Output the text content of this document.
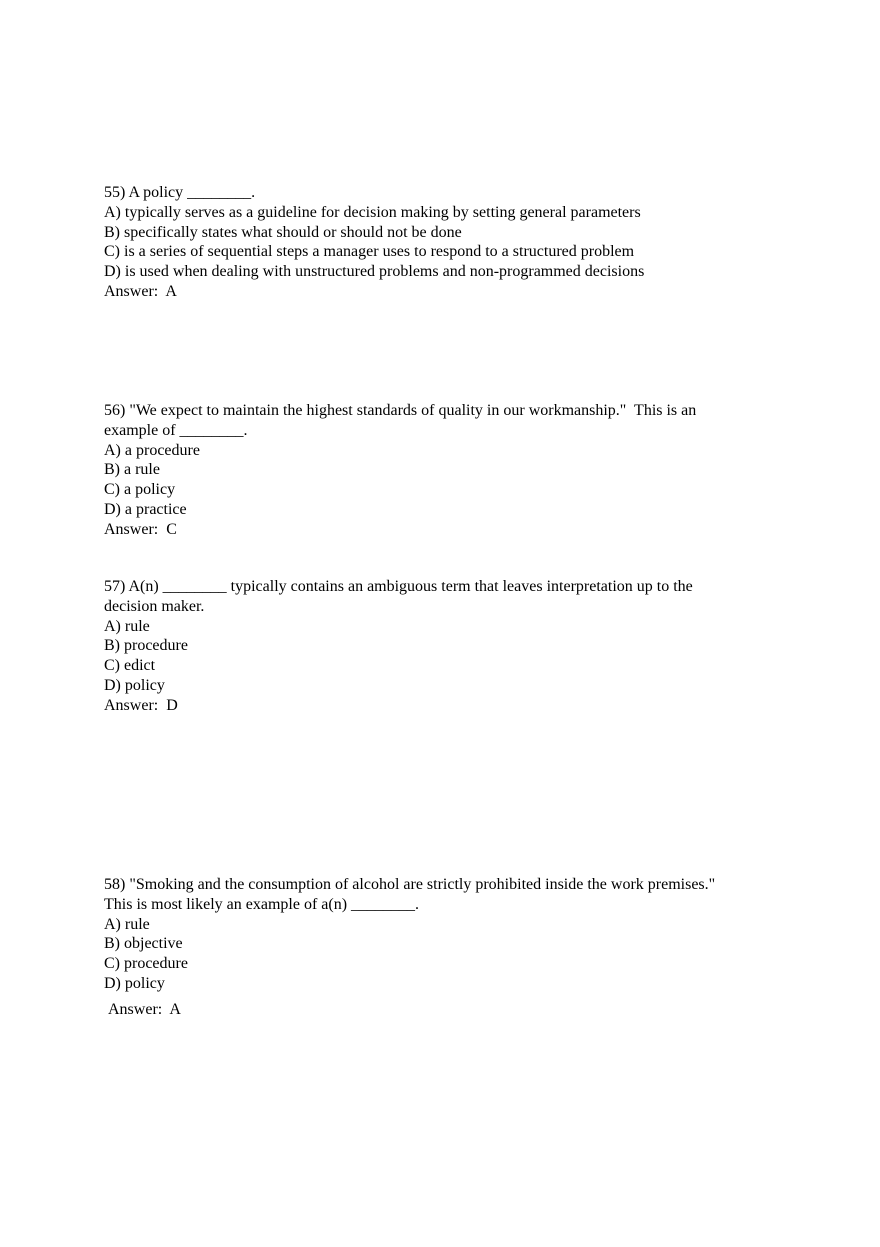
55) A policy ________.
A) typically serves as a guideline for decision making by setting general parameters
B) specifically states what should or should not be done
C) is a series of sequential steps a manager uses to respond to a structured problem
D) is used when dealing with unstructured problems and non-programmed decisions
Answer:  A
56) "We expect to maintain the highest standards of quality in our workmanship."  This is an
example of ________.
A) a procedure
B) a rule
C) a policy
D) a practice
Answer:  C
57) A(n) ________ typically contains an ambiguous term that leaves interpretation up to the
decision maker.
A) rule
B) procedure
C) edict
D) policy
Answer:  D
58) "Smoking and the consumption of alcohol are strictly prohibited inside the work premises."
This is most likely an example of a(n) ________.
A) rule
B) objective
C) procedure
D) policy
Answer:  A
